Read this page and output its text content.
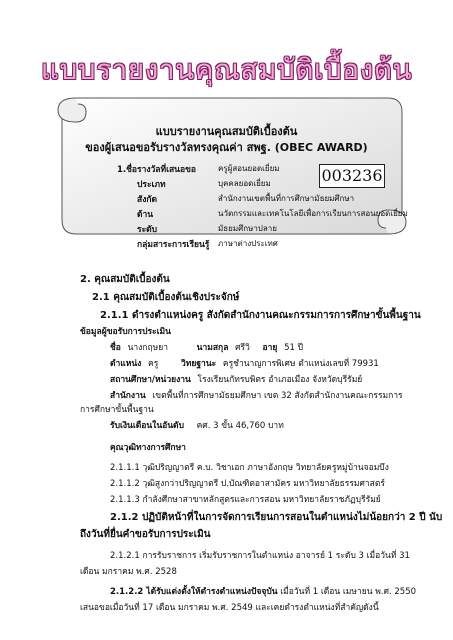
แบบรายงานคุณสมบัติเบื้องต้น
แบบรายงานคุณสมบัติเบื้องต้น
ของผู้เสนอขอรับรางวัลทรงคุณค่า สพฐ. (OBEC AWARD)
003236
1.ชื่อรางวัลที่เสนอขอ	ครูผู้สอนยอดเยี่ยม
ประเภท	บุคคลยอดเยี่ยม
สังกัด	สำนักงานเขตพื้นที่การศึกษามัธยมศึกษา
ด้าน	นวัตกรรมและเทคโนโลยีเพื่อการเรียนการสอนยอดเยี่ยม
ระดับ	มัธยมศึกษาปลาย
กลุ่มสาระการเรียนรู้ ภาษาต่างประเทศ
2. คุณสมบัติเบื้องต้น
2.1 คุณสมบัติเบื้องต้นเชิงประจักษ์
2.1.1 ดำรงตำแหน่งครู สังกัดสำนักงานคณะกรรมการการศึกษาขั้นพื้นฐาน
ข้อมูลผู้ขอรับการประเมิน
ชื่อ นางกฤษยา	นามสกุล ศรีวิ อายุ 51 ปี
ตำแหน่ง ครู	วิทยฐานะ ครูชำนาญการพิเศษ ตำแหน่งเลขที่ 79931
สถานศึกษา/หน่วยงาน โรงเรียนกัทรบพิตร อำเภอเมือง จังหวัดบุรีรัมย์
สำนักงาน เขตพื้นที่การศึกษามัธยมศึกษา เขต 32 สังกัดสำนักงานคณะกรรมการ
การศึกษาขั้นพื้นฐาน
รับเงินเดือนในอันดับ คศ. 3 ขั้น 46,760 บาท
คุณวุฒิทางการศึกษา
2.1.1.1 วุฒิปริญญาตรี ค.บ. วิชาเอก ภาษาอังกฤษ วิทยาลัยครูหมู่บ้านจอมบึง
2.1.1.2 วุฒิสูงกว่าปริญญาตรี ป.บัณฑิตอาสามัคร มหาวิทยาลัยธรรมศาสตร์
2.1.1.3 กำลังศึกษาสาขาหลักสูตรและการสอน มหาวิทยาลัยราชภัฏบุรีรัมย์
2.1.2 ปฏิบัติหน้าที่ในการจัดการเรียนการสอนในตำแหน่งไม่น้อยกว่า 2 ปี นับ
ถึงวันที่ยื่นคำขอรับการประเมิน
2.1.2.1 การรับราชการ เริ่มรับราชการในตำแหน่ง อาจารย์ 1 ระดับ 3 เมื่อวันที่ 31
เดือน มกราคม พ.ศ. 2528
2.1.2.2 ได้รับแต่งตั้งให้ดำรงตำแหน่งปัจจุบัน เมื่อวันที่ 1 เดือน เมษายน พ.ศ. 2550
เสนอขอเมื่อวันที่ 17 เดือน มกราคม พ.ศ. 2549 และเคยดำรงตำแหน่งที่สำคัญดังนี้
